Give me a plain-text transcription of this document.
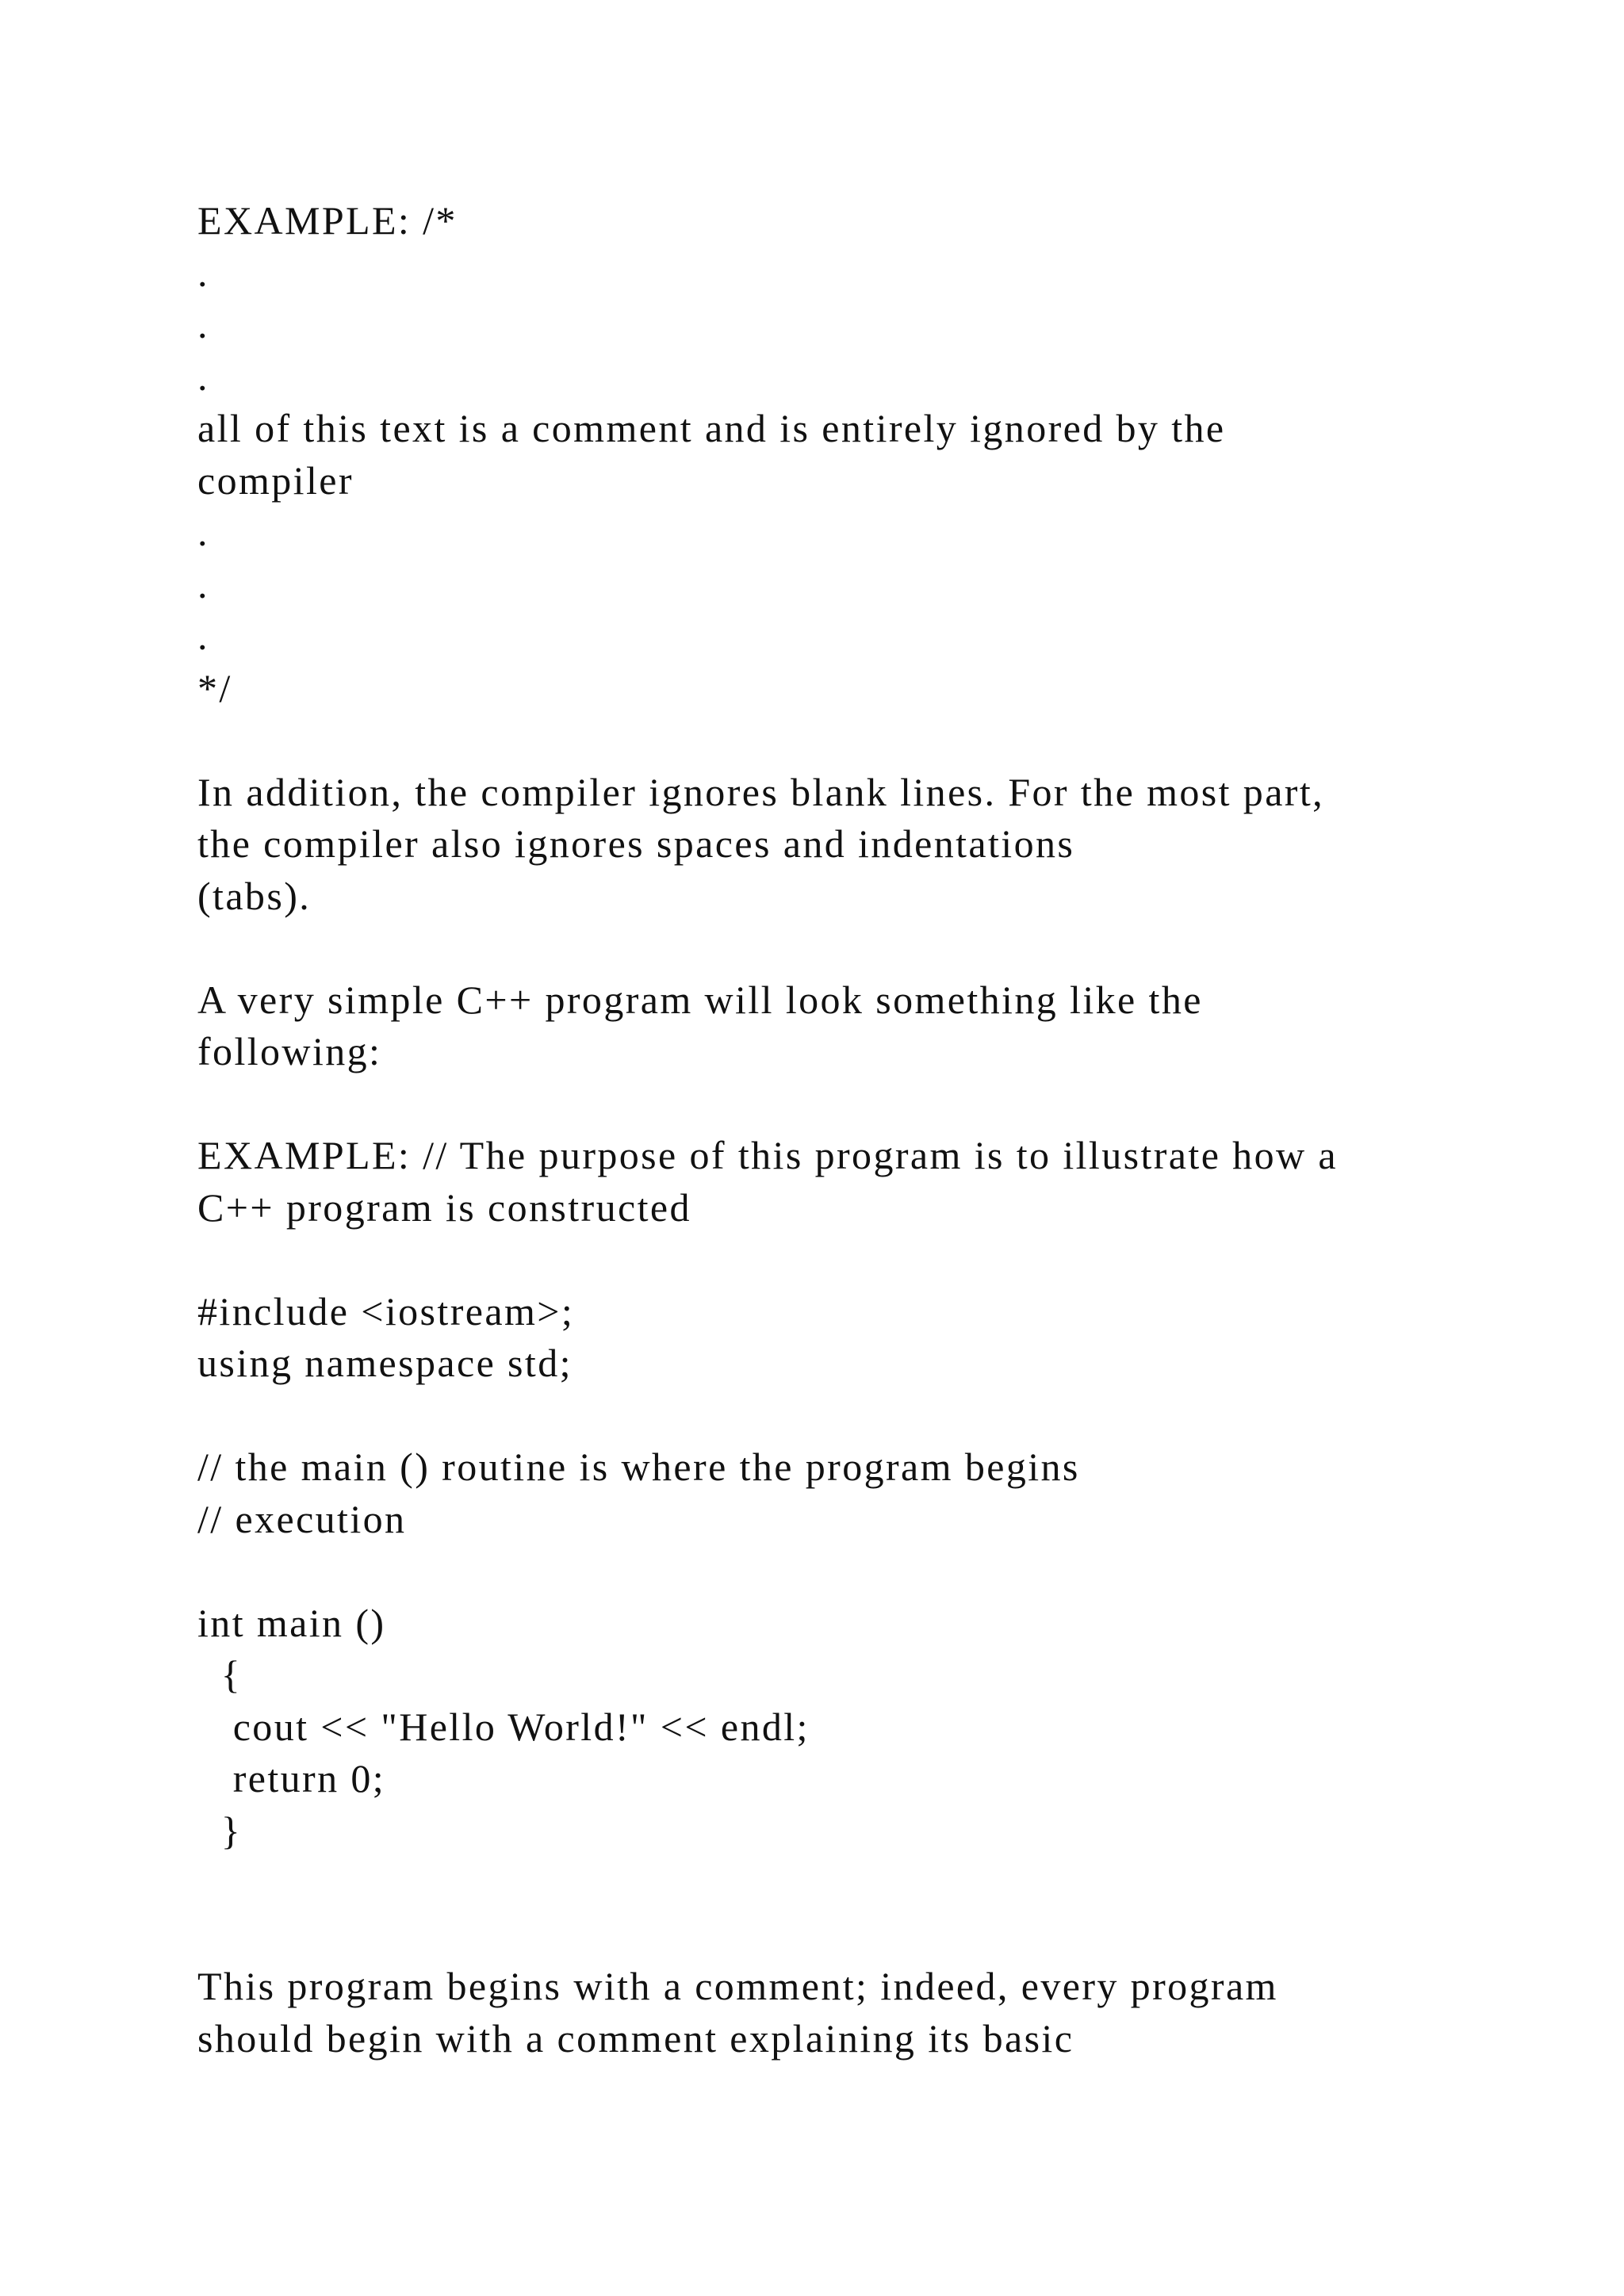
EXAMPLE: /*
.
.
.
all of this text is a comment and is entirely ignored by the
compiler
.
.
.
*/
In addition, the compiler ignores blank lines. For the most part,
the compiler also ignores spaces and indentations
(tabs).
A very simple C++ program will look something like the
following:
EXAMPLE: // The purpose of this program is to illustrate how a
C++ program is constructed
#include <iostream>;
using namespace std;
// the main () routine is where the program begins
// execution
int main ()
{
cout << "Hello World!" << endl;
return 0;
}
This program begins with a comment; indeed, every program
should begin with a comment explaining its basic
